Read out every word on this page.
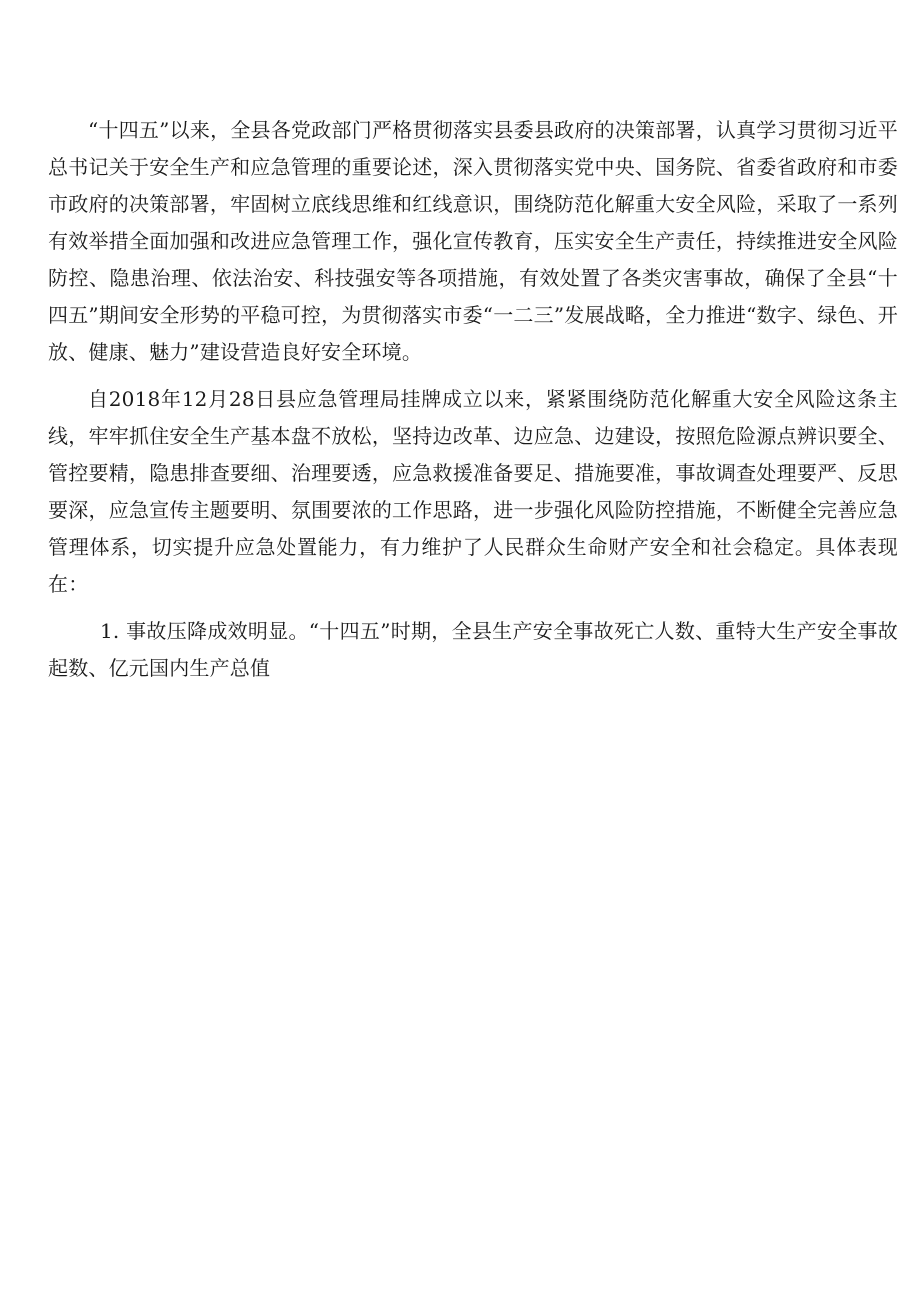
“十四五”以来，全县各党政部门严格贯彻落实县委县政府的决策部署，认真学习贯彻习近平总书记关于安全生产和应急管理的重要论述，深入贯彻落实党中央、国务院、省委省政府和市委市政府的决策部署，牢固树立底线思维和红线意识，围绕防范化解重大安全风险，采取了一系列有效举措全面加强和改进应急管理工作，强化宣传教育，压实安全生产责任，持续推进安全风险防控、隐患治理、依法治安、科技强安等各项措施，有效处置了各类灾害事故，确保了全县“十四五”期间安全形势的平稳可控，为贯彻落实市委“一二三”发展战略，全力推进“数字、绿色、开放、健康、魅力”建设营造良好安全环境。

自2018年12月28日县应急管理局挂牌成立以来，紧紧围绕防范化解重大安全风险这条主线，牢牢抓住安全生产基本盘不放松，坚持边改革、边应急、边建设，按照危险源点辨识要全、管控要精，隐患排查要细、治理要透，应急救援准备要足、措施要准，事故调查处理要严、反思要深，应急宣传主题要明、氛围要浓的工作思路，进一步强化风险防控措施，不断健全完善应急管理体系，切实提升应急处置能力，有力维护了人民群众生命财产安全和社会稳定。具体表现在：

1. 事故压降成效明显。“十四五”时期，全县生产安全事故死亡人数、重特大生产安全事故起数、亿元国内生产总值
